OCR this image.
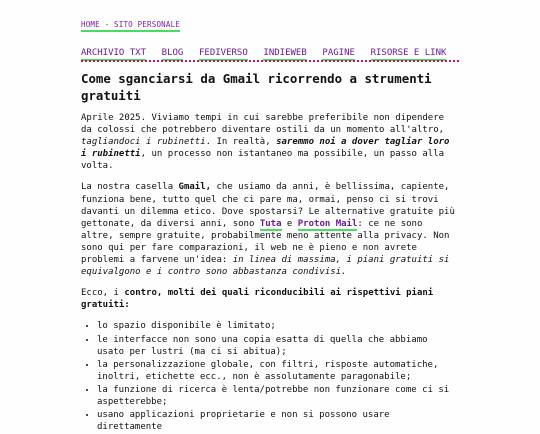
HOME - SITO PERSONALE
ARCHIVIO TXT BLOG FEDIVERSO INDIEWEB PAGINE RISORSE E LINK
Come sganciarsi da Gmail ricorrendo a strumenti gratuiti

Aprile 2025. Viviamo tempi in cui sarebbe preferibile non dipendere da colossi che potrebbero diventare ostili da un momento all'altro, tagliandoci i rubinetti. In realtà, saremmo noi a dover tagliar loro i rubinetti, un processo non istantaneo ma possibile, un passo alla volta.

La nostra casella Gmail, che usiamo da anni, è bellissima, capiente, funziona bene, tutto quel che ci pare ma, ormai, penso ci si trovi davanti un dilemma etico. Dove spostarsi? Le alternative gratuite più gettonate, da diversi anni, sono Tuta e Proton Mail: ce ne sono altre, sempre gratuite, probabilmente meno attente alla privacy. Non sono qui per fare comparazioni, il web ne è pieno e non avrete problemi a farvene un'idea: in linea di massima, i piani gratuiti si equivalgono e i contro sono abbastanza condivisi.

Ecco, i contro, molti dei quali riconducibili ai rispettivi piani gratuiti:

• lo spazio disponibile è limitato;
• le interfacce non sono una copia esatta di quella che abbiamo usato per lustri (ma ci si abitua);
• la personalizzazione globale, con filtri, risposte automatiche, inoltri, etichette ecc., non è assolutamente paragonabile;
• la funzione di ricerca è lenta/potrebbe non funzionare come ci si aspetterebbe;
• usano applicazioni proprietarie e non si possono usare direttamente
